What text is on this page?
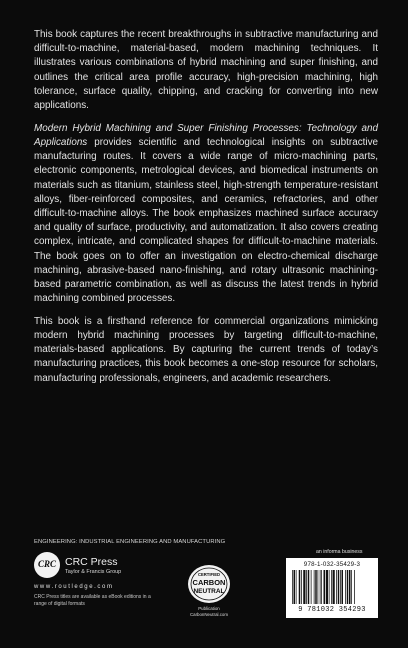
This book captures the recent breakthroughs in subtractive manufacturing and difficult-to-machine, material-based, modern machining techniques. It illustrates various combinations of hybrid machining and super finishing, and outlines the critical area profile accuracy, high-precision machining, high tolerance, surface quality, chipping, and cracking for converting into new applications.

Modern Hybrid Machining and Super Finishing Processes: Technology and Applications provides scientific and technological insights on subtractive manufacturing routes. It covers a wide range of micro-machining parts, electronic components, metrological devices, and biomedical instruments on materials such as titanium, stainless steel, high-strength temperature-resistant alloys, fiber-reinforced composites, and ceramics, refractories, and other difficult-to-machine alloys. The book emphasizes machined surface accuracy and quality of surface, productivity, and automatization. It also covers creating complex, intricate, and complicated shapes for difficult-to-machine materials. The book goes on to offer an investigation on electro-chemical discharge machining, abrasive-based nano-finishing, and rotary ultrasonic machining-based parametric combination, as well as discuss the latest trends in hybrid machining combined processes.

This book is a firsthand reference for commercial organizations mimicking modern hybrid machining processes by targeting difficult-to-machine, materials-based applications. By capturing the current trends of today’s manufacturing practices, this book becomes a one-stop resource for scholars, manufacturing professionals, engineers, and academic researchers.

ENGINEERING: INDUSTRIAL ENGINEERING AND MANUFACTURING
CRC CRC Press
Taylor & Francis Group
www.routledge.com
CRC Press titles are available as eBook editions in a range of digital formats
CERTIFIED
CARBON
NEUTRAL
Publication
CarbonNeutral.com
an informa business
978-1-032-35429-3
9 781032 354293
